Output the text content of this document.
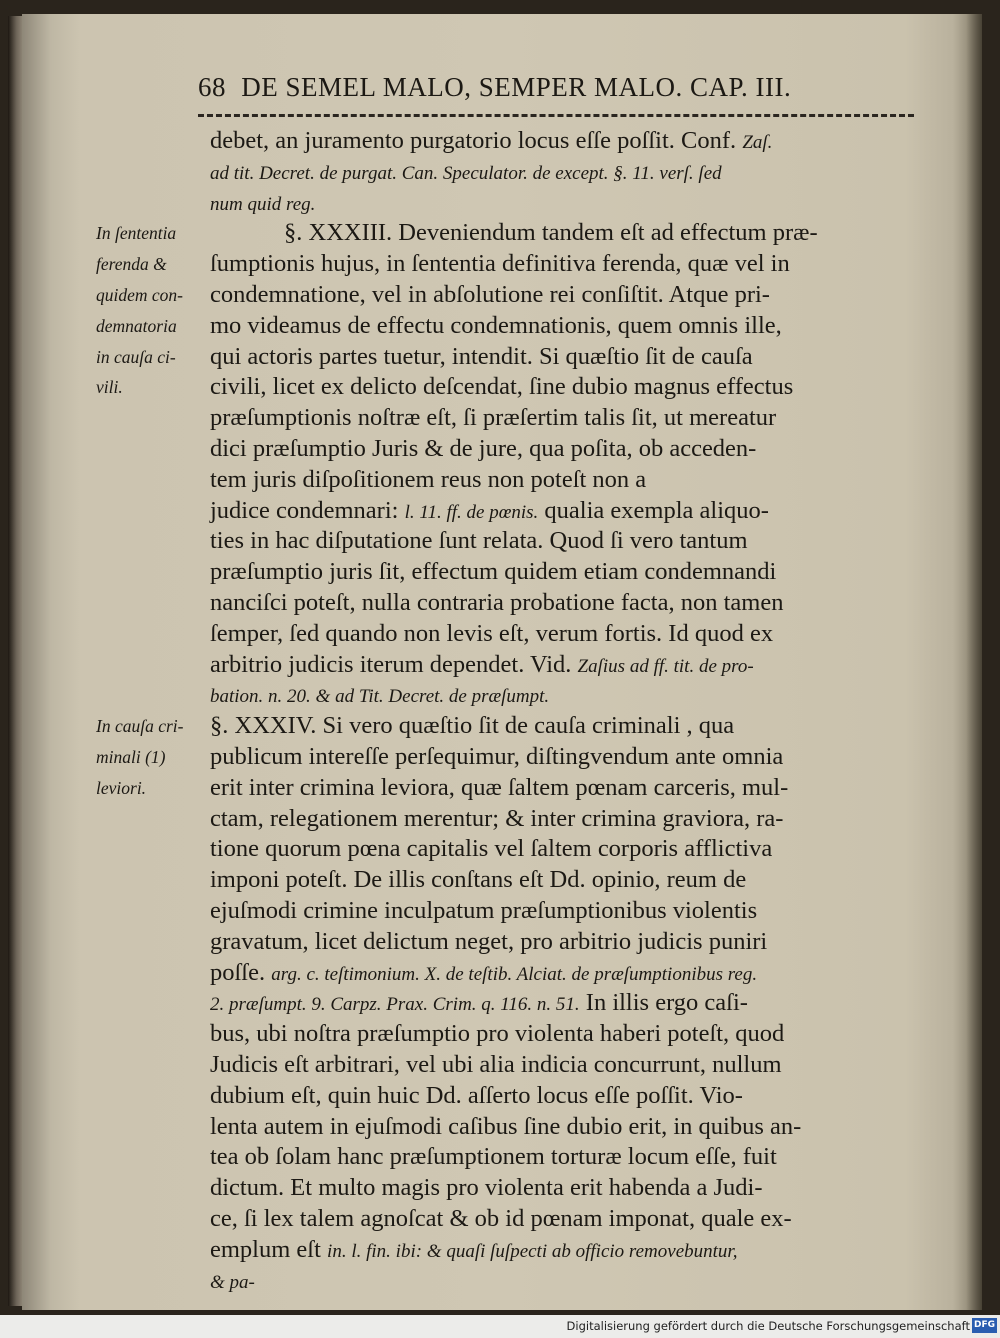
68 DE SEMEL MALO, SEMPER MALO. CAP. III.
In ſententia
ferenda &
quidem con-
demnatoria
in cauſa ci-
vili.
In cauſa cri-
minali (1)
leviori.
debet, an juramento purgatorio locus eſſe poſſit. Conf. Zaſ.
ad tit. Decret. de purgat. Can. Speculator. de except. §. 11. verſ. ſed
num quid reg.
§. XXXIII. Deveniendum tandem eſt ad effectum præ-
ſumptionis hujus, in ſententia definitiva ferenda, quæ vel in
condemnatione, vel in abſolutione rei conſiſtit. Atque pri-
mo videamus de effectu condemnationis, quem omnis ille,
qui actoris partes tuetur, intendit. Si quæſtio ſit de cauſa
civili, licet ex delicto deſcendat, ſine dubio magnus effectus
præſumptionis noſtræ eſt, ſi præſertim talis ſit, ut mereatur
dici præſumptio Juris & de jure, qua poſita, ob acceden-
tem juris diſpoſitionem reus non poteſt non a
judice condemnari: l. 11. ff. de pœnis. qualia exempla aliquo-
ties in hac diſputatione ſunt relata. Quod ſi vero tantum
præſumptio juris ſit, effectum quidem etiam condemnandi
nanciſci poteſt, nulla contraria probatione facta, non tamen
ſemper, ſed quando non levis eſt, verum fortis. Id quod ex
arbitrio judicis iterum dependet. Vid. Zaſius ad ff. tit. de pro-
bation. n. 20. & ad Tit. Decret. de præſumpt.
§. XXXIV. Si vero quæſtio ſit de cauſa criminali , qua
publicum intereſſe perſequimur, diſtingvendum ante omnia
erit inter crimina leviora, quæ ſaltem pœnam carceris, mul-
ctam, relegationem merentur; & inter crimina graviora, ra-
tione quorum pœna capitalis vel ſaltem corporis afflictiva
imponi poteſt. De illis conſtans eſt Dd. opinio, reum de
ejuſmodi crimine inculpatum præſumptionibus violentis
gravatum, licet delictum neget, pro arbitrio judicis puniri
poſſe. arg. c. teſtimonium. X. de teſtib. Alciat. de præſumptionibus reg.
2. præſumpt. 9. Carpz. Prax. Crim. q. 116. n. 51. In illis ergo caſi-
bus, ubi noſtra præſumptio pro violenta haberi poteſt, quod
Judicis eſt arbitrari, vel ubi alia indicia concurrunt, nullum
dubium eſt, quin huic Dd. aſſerto locus eſſe poſſit. Vio-
lenta autem in ejuſmodi caſibus ſine dubio erit, in quibus an-
tea ob ſolam hanc præſumptionem torturæ locum eſſe, fuit
dictum. Et multo magis pro violenta erit habenda a Judi-
ce, ſi lex talem agnoſcat & ob id pœnam imponat, quale ex-
emplum eſt in. l. fin. ibi: & quaſi ſuſpecti ab officio removebuntur,
& pa-
Digitalisierung gefördert durch die Deutsche Forschungsgemeinschaft DFG
